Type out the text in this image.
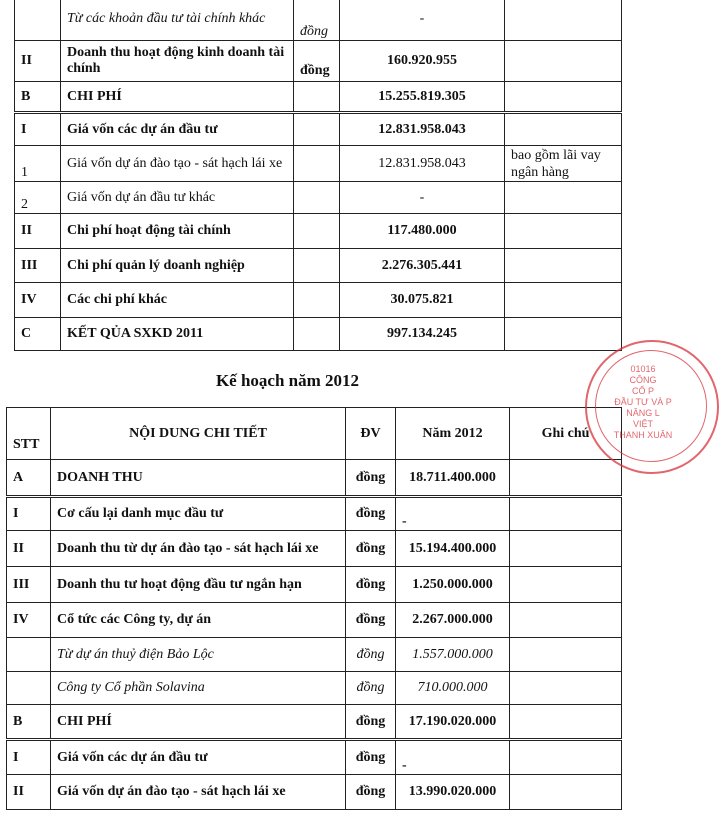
	Từ các khoản đầu tư tài chính khác	đồng	-	
II	Doanh thu hoạt động kinh doanh tài chính	đồng	160.920.955	
B	CHI PHÍ		15.255.819.305	
I	Giá vốn các dự án đầu tư		12.831.958.043	
1	Giá vốn dự án đào tạo - sát hạch lái xe		12.831.958.043	bao gồm lãi vay ngân hàng
2	Giá vốn dự án đầu tư khác		-	
II	Chi phí hoạt động tài chính		117.480.000	
III	Chi phí quản lý doanh nghiệp		2.276.305.441	
IV	Các chi phí khác		30.075.821	
C	KẾT QỦA SXKD 2011		997.134.245	
Kế hoạch năm 2012
STT	NỘI DUNG CHI TIẾT	ĐV	Năm 2012	Ghi chú
A	DOANH THU	đồng	18.711.400.000	
I	Cơ cấu lại danh mục đầu tư	đồng	-	
II	Doanh thu từ dự án đào tạo - sát hạch lái xe	đồng	15.194.400.000	
III	Doanh thu tư hoạt động đầu tư ngắn hạn	đồng	1.250.000.000	
IV	Cổ tức các Công ty, dự án	đồng	2.267.000.000	
	Từ dự án thuỷ điện Bảo Lộc	đồng	1.557.000.000	
	Công ty Cổ phần Solavina	đồng	710.000.000	
B	CHI PHÍ	đồng	17.190.020.000	
I	Giá vốn các dự án đầu tư	đồng	-	
II	Giá vốn dự án đào tạo - sát hạch lái xe	đồng	13.990.020.000	
01016
CÔNG
CỔ P
ĐẦU TƯ VÀ P
NĂNG L
VIỆT
THANH XUÂN
